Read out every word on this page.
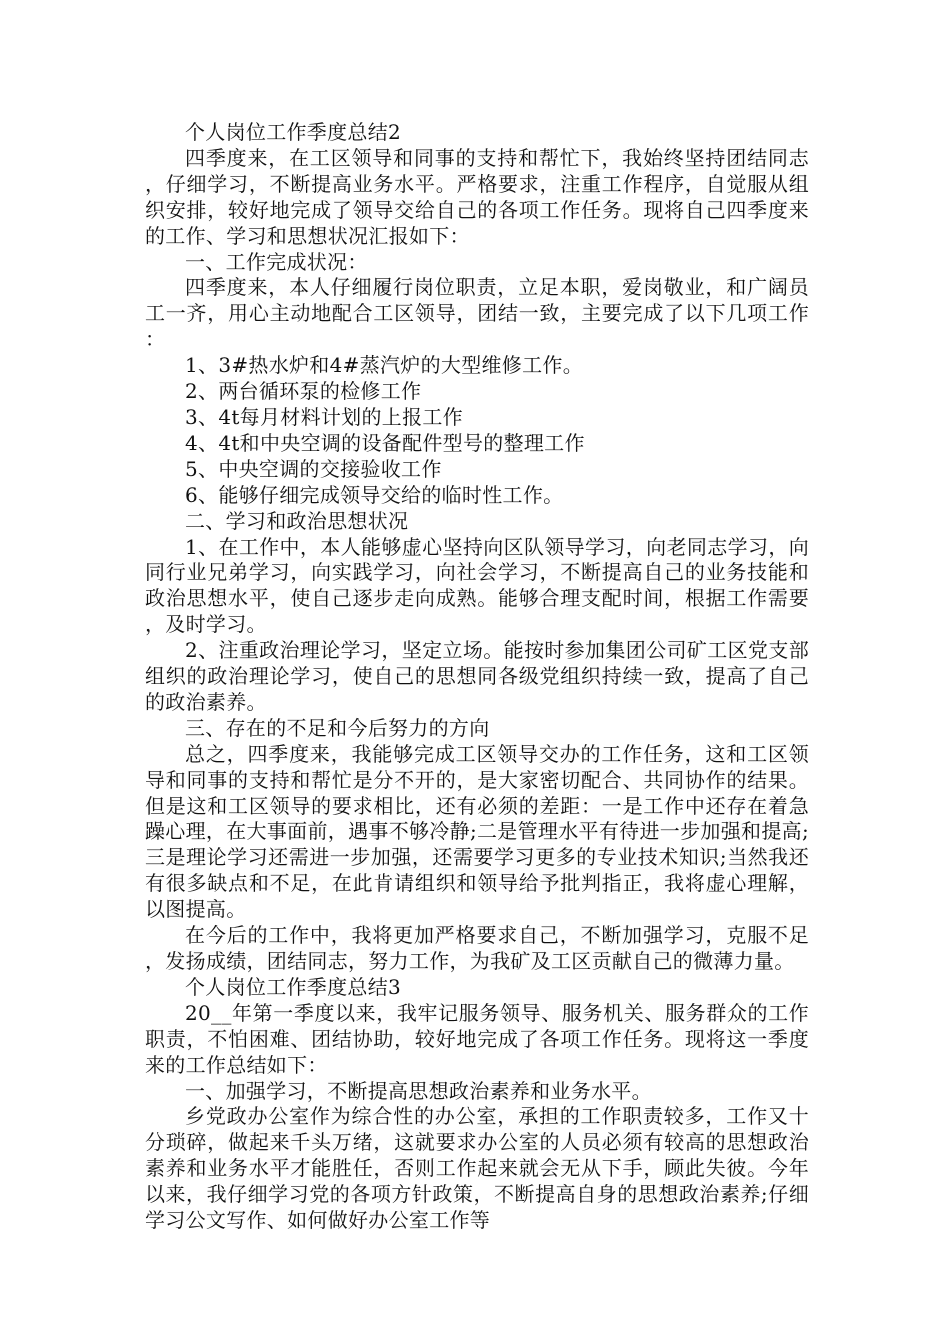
个人岗位工作季度总结2

四季度来，在工区领导和同事的支持和帮忙下，我始终坚持团结同志，仔细学习，不断提高业务水平。严格要求，注重工作程序，自觉服从组织安排，较好地完成了领导交给自己的各项工作任务。现将自己四季度来的工作、学习和思想状况汇报如下：

一、工作完成状况：

四季度来，本人仔细履行岗位职责，立足本职，爱岗敬业，和广阔员工一齐，用心主动地配合工区领导，团结一致，主要完成了以下几项工作：

1、3#热水炉和4#蒸汽炉的大型维修工作。

2、两台循环泵的检修工作

3、4t每月材料计划的上报工作

4、4t和中央空调的设备配件型号的整理工作

5、中央空调的交接验收工作

6、能够仔细完成领导交给的临时性工作。

二、学习和政治思想状况

1、在工作中，本人能够虚心坚持向区队领导学习，向老同志学习，向同行业兄弟学习，向实践学习，向社会学习，不断提高自己的业务技能和政治思想水平，使自己逐步走向成熟。能够合理支配时间，根据工作需要，及时学习。

2、注重政治理论学习，坚定立场。能按时参加集团公司矿工区党支部组织的政治理论学习，使自己的思想同各级党组织持续一致，提高了自己的政治素养。

三、存在的不足和今后努力的方向

总之，四季度来，我能够完成工区领导交办的工作任务，这和工区领导和同事的支持和帮忙是分不开的，是大家密切配合、共同协作的结果。但是这和工区领导的要求相比，还有必须的差距：一是工作中还存在着急躁心理，在大事面前，遇事不够冷静;二是管理水平有待进一步加强和提高;三是理论学习还需进一步加强，还需要学习更多的专业技术知识;当然我还有很多缺点和不足，在此肯请组织和领导给予批判指正，我将虚心理解，以图提高。

在今后的工作中，我将更加严格要求自己，不断加强学习，克服不足，发扬成绩，团结同志，努力工作，为我矿及工区贡献自己的微薄力量。

个人岗位工作季度总结3

20__年第一季度以来，我牢记服务领导、服务机关、服务群众的工作职责，不怕困难、团结协助，较好地完成了各项工作任务。现将这一季度来的工作总结如下：

一、加强学习，不断提高思想政治素养和业务水平。

乡党政办公室作为综合性的办公室，承担的工作职责较多，工作又十分琐碎，做起来千头万绪，这就要求办公室的人员必须有较高的思想政治素养和业务水平才能胜任，否则工作起来就会无从下手，顾此失彼。今年以来，我仔细学习党的各项方针政策，不断提高自身的思想政治素养;仔细学习公文写作、如何做好办公室工作等
